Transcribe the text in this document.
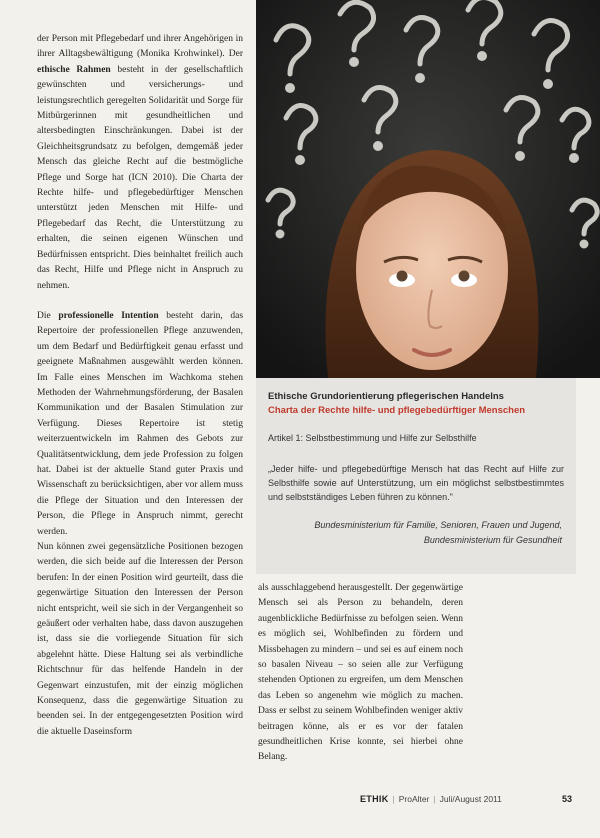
der Person mit Pflegebedarf und ihrer Angehörigen in ihrer Alltagsbewältigung (Monika Krohwinkel). Der ethische Rahmen besteht in der gesellschaftlich gewünschten und versicherungs- und leistungsrechtlich geregelten Solidarität und Sorge für Mitbürgerinnen mit gesundheitlichen und altersbedingten Einschränkungen. Dabei ist der Gleichheitsgrundsatz zu befolgen, demgemäß jeder Mensch das gleiche Recht auf die bestmögliche Pflege und Sorge hat (ICN 2010). Die Charta der Rechte hilfe- und pflegebedürftiger Menschen unterstützt jeden Menschen mit Hilfe- und Pflegebedarf das Recht, die Unterstützung zu erhalten, die seinen eigenen Wünschen und Bedürfnissen entspricht. Dies beinhaltet freilich auch das Recht, Hilfe und Pflege nicht in Anspruch zu nehmen.

Die professionelle Intention besteht darin, das Repertoire der professionellen Pflege anzuwenden, um dem Bedarf und Bedürftigkeit genau erfasst und geeignete Maßnahmen ausgewählt werden können. Im Falle eines Menschen im Wachkoma stehen Methoden der Wahrnehmungsförderung, der Basalen Kommunikation und der Basalen Stimulation zur Verfügung. Dieses Repertoire ist stetig weiterzuentwickeln im Rahmen des Gebots zur Qualitätsentwicklung, dem jede Profession zu folgen hat. Dabei ist der aktuelle Stand guter Praxis und Wissenschaft zu berücksichtigen, aber vor allem muss die Pflege der Situation und den Interessen der Person, die Pflege in Anspruch nimmt, gerecht werden.

Nun können zwei gegensätzliche Positionen bezogen werden, die sich beide auf die Interessen der Person berufen: In der einen Position wird geurteilt, dass die gegenwärtige Situation den Interessen der Person nicht entspricht, weil sie sich in der Vergangenheit so geäußert oder verhalten habe, dass davon auszugehen ist, dass sie die vorliegende Situation für sich abgelehnt hätte. Diese Haltung sei als verbindliche Richtschnur für das helfende Handeln in der Gegenwart einzustufen, mit der einzig möglichen Konsequenz, dass die gegenwärtige Situation zu beenden sei. In der entgegengesetzten Position wird die aktuelle Daseinsform

Ethische Grundorientierung pflegerischen Handelns
Charta der Rechte hilfe- und pflegebedürftiger Menschen
Artikel 1: Selbstbestimmung und Hilfe zur Selbsthilfe
„Jeder hilfe- und pflegebedürftige Mensch hat das Recht auf Hilfe zur Selbsthilfe sowie auf Unterstützung, um ein möglichst selbstbestimmtes und selbstständiges Leben führen zu können."
Bundesministerium für Familie, Senioren, Frauen und Jugend,
Bundesministerium für Gesundheit

als ausschlaggebend herausgestellt. Der gegenwärtige Mensch sei als Person zu behandeln, deren augenblickliche Bedürfnisse zu befolgen seien. Wenn es möglich sei, Wohlbefinden zu fördern und Missbehagen zu mindern – und sei es auf einem noch so basalen Niveau – so seien alle zur Verfügung stehenden Optionen zu ergreifen, um dem Menschen das Leben so angenehm wie möglich zu machen. Dass er selbst zu seinem Wohlbefinden weniger aktiv beitragen könne, als er es vor der fatalen gesundheitlichen Krise konnte, sei hierbei ohne Belang.

ETHIK | ProAlter | Juli/August 2011	53
